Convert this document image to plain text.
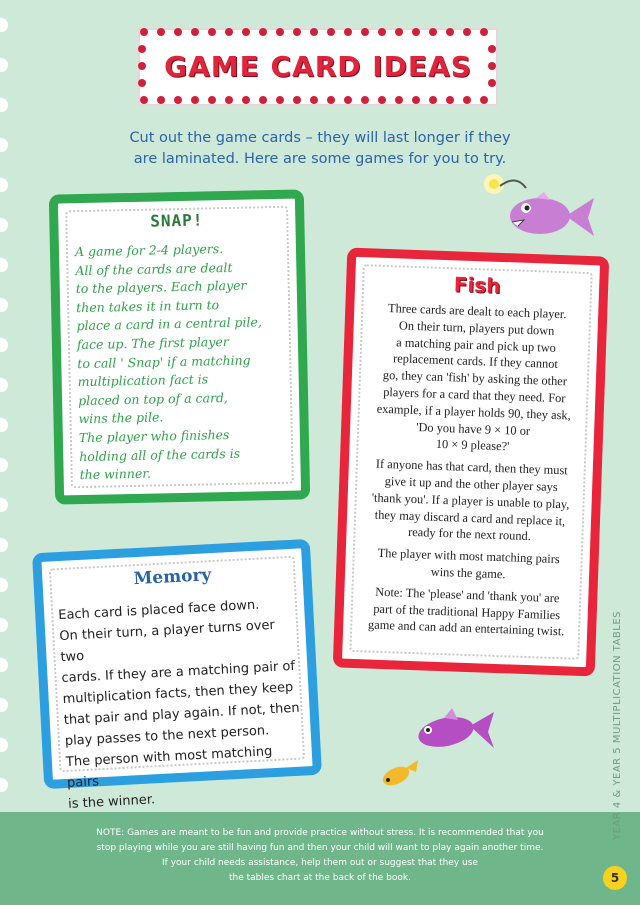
GAME CARD IDEAS
Cut out the game cards – they will last longer if they are laminated. Here are some games for you to try.
SNAP!
A game for 2-4 players.
All of the cards are dealt
to the players. Each player
then takes it in turn to
place a card in a central pile,
face up. The first player
to call ' Snap' if a matching
multiplication fact is
placed on top of a card,
wins the pile.
The player who finishes
holding all of the cards is
the winner.
Fish

Three cards are dealt to each player.
On their turn, players put down
a matching pair and pick up two
replacement cards. If they cannot
go, they can 'fish' by asking the other
players for a card that they need. For
example, if a player holds 90, they ask,
'Do you have 9 × 10 or
10 × 9 please?'

If anyone has that card, then they must
give it up and the other player says
'thank you'. If a player is unable to play,
they may discard a card and replace it,
ready for the next round.

The player with most matching pairs
wins the game.

Note: The 'please' and 'thank you' are
part of the traditional Happy Families
game and can add an entertaining twist.

Memory
Each card is placed face down.
On their turn, a player turns over two
cards. If they are a matching pair of
multiplication facts, then they keep
that pair and play again. If not, then
play passes to the next person.
The person with most matching pairs
is the winner.
NOTE: Games are meant to be fun and provide practice without stress. It is recommended that you
stop playing while you are still having fun and then your child will want to play again another time.
If your child needs assistance, help them out or suggest that they use
the tables chart at the back of the book.
YEAR 4 & YEAR 5 MULTIPLICATION TABLES
5
